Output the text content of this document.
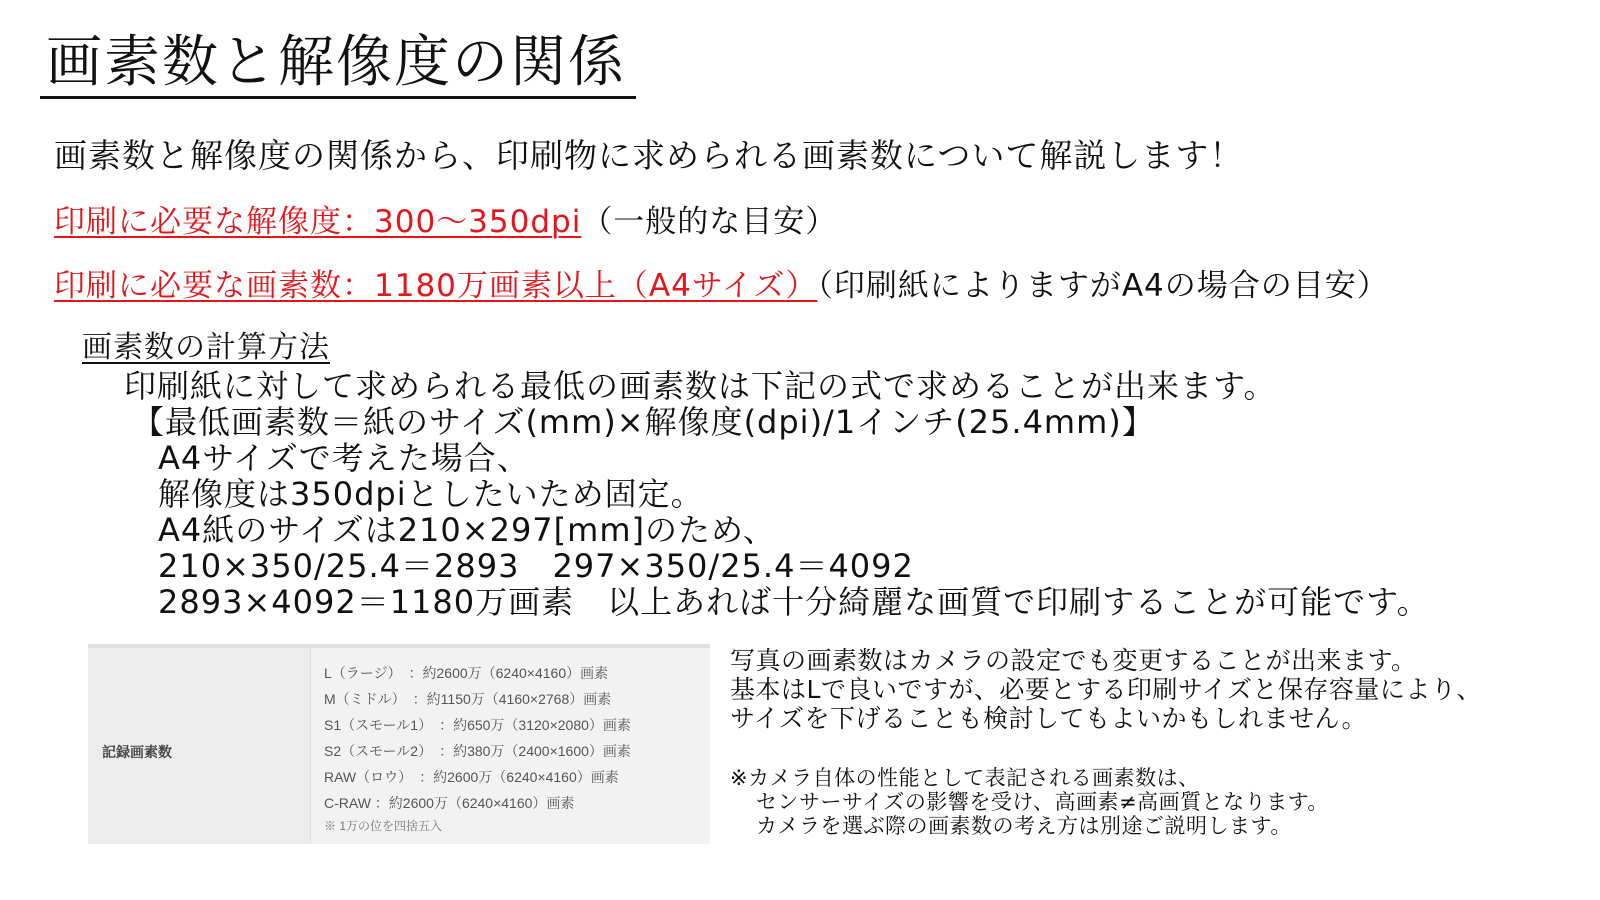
画素数と解像度の関係
画素数と解像度の関係から、印刷物に求められる画素数について解説します！
印刷に必要な解像度：300〜350dpi（一般的な目安）
印刷に必要な画素数：1180万画素以上（A4サイズ）（印刷紙によりますがA4の場合の目安）
画素数の計算方法
印刷紙に対して求められる最低の画素数は下記の式で求めることが出来ます。
【最低画素数＝紙のサイズ(mm)×解像度(dpi)/1インチ(25.4mm)】
A4サイズで考えた場合、
解像度は350dpiとしたいため固定。
A4紙のサイズは210×297[mm]のため、
210×350/25.4＝2893　297×350/25.4＝4092
2893×4092＝1180万画素　以上あれば十分綺麗な画質で印刷することが可能です。
記録画素数
L（ラージ）　：約2600万（6240×4160）画素
M（ミドル）　：約1150万（4160×2768）画素
S1（スモール1）　：約650万（3120×2080）画素
S2（スモール2）　：約380万（2400×1600）画素
RAW（ロウ）　：約2600万（6240×4160）画素
C-RAW ：約2600万（6240×4160）画素
※ 1万の位を四捨五入
写真の画素数はカメラの設定でも変更することが出来ます。
基本はLで良いですが、必要とする印刷サイズと保存容量により、
サイズを下げることも検討してもよいかもしれません。
※カメラ自体の性能として表記される画素数は、
センサーサイズの影響を受け、高画素≠高画質となります。
カメラを選ぶ際の画素数の考え方は別途ご説明します。
